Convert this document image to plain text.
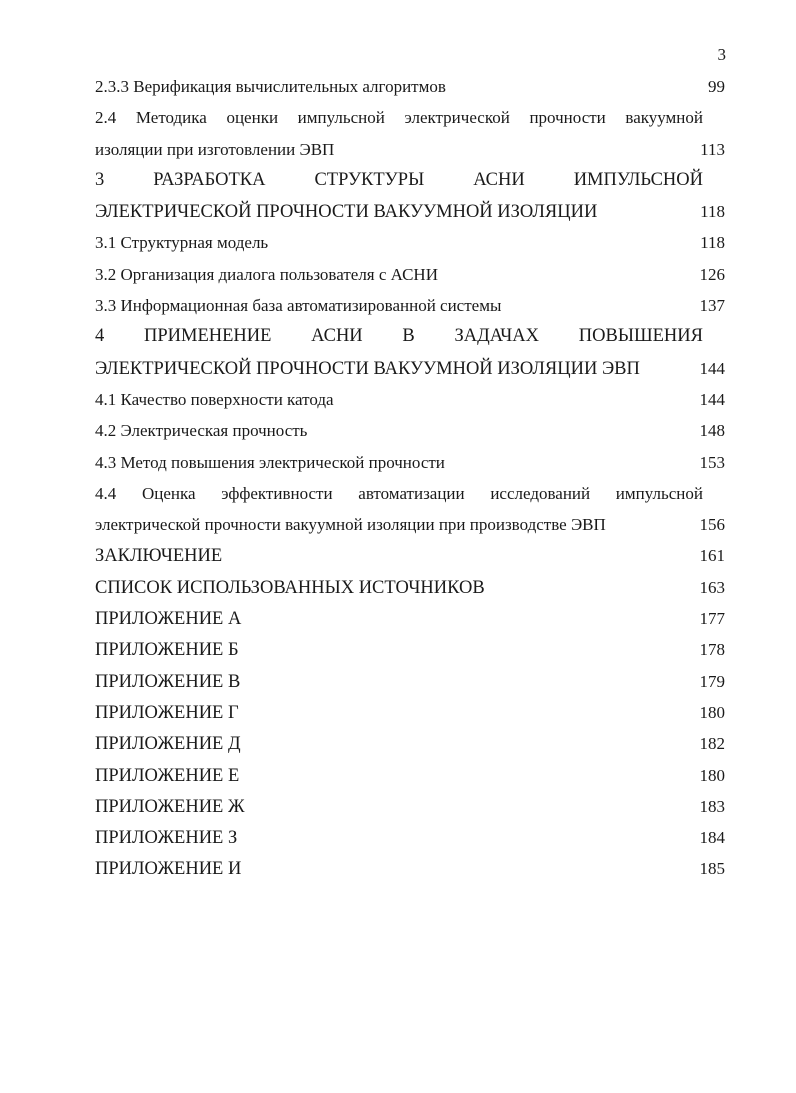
3
2.3.3 Верификация вычислительных алгоритмов	99
2.4 Методика оценки импульсной электрической прочности вакуумной
изоляции при изготовлении ЭВП	113
3 РАЗРАБОТКА СТРУКТУРЫ АСНИ ИМПУЛЬСНОЙ
ЭЛЕКТРИЧЕСКОЙ ПРОЧНОСТИ ВАКУУМНОЙ ИЗОЛЯЦИИ	118
3.1 Структурная модель	118
3.2 Организация диалога пользователя с АСНИ	126
3.3 Информационная база автоматизированной системы	137
4 ПРИМЕНЕНИЕ АСНИ В ЗАДАЧАХ ПОВЫШЕНИЯ
ЭЛЕКТРИЧЕСКОЙ ПРОЧНОСТИ ВАКУУМНОЙ ИЗОЛЯЦИИ ЭВП	144
4.1 Качество поверхности катода	144
4.2 Электрическая прочность	148
4.3 Метод повышения электрической прочности	153
4.4 Оценка эффективности автоматизации исследований импульсной
электрической прочности вакуумной изоляции при производстве ЭВП	156
ЗАКЛЮЧЕНИЕ	161
СПИСОК ИСПОЛЬЗОВАННЫХ ИСТОЧНИКОВ	163
ПРИЛОЖЕНИЕ А	177
ПРИЛОЖЕНИЕ Б	178
ПРИЛОЖЕНИЕ В	179
ПРИЛОЖЕНИЕ Г	180
ПРИЛОЖЕНИЕ Д	182
ПРИЛОЖЕНИЕ Е	180
ПРИЛОЖЕНИЕ Ж	183
ПРИЛОЖЕНИЕ З	184
ПРИЛОЖЕНИЕ И	185
